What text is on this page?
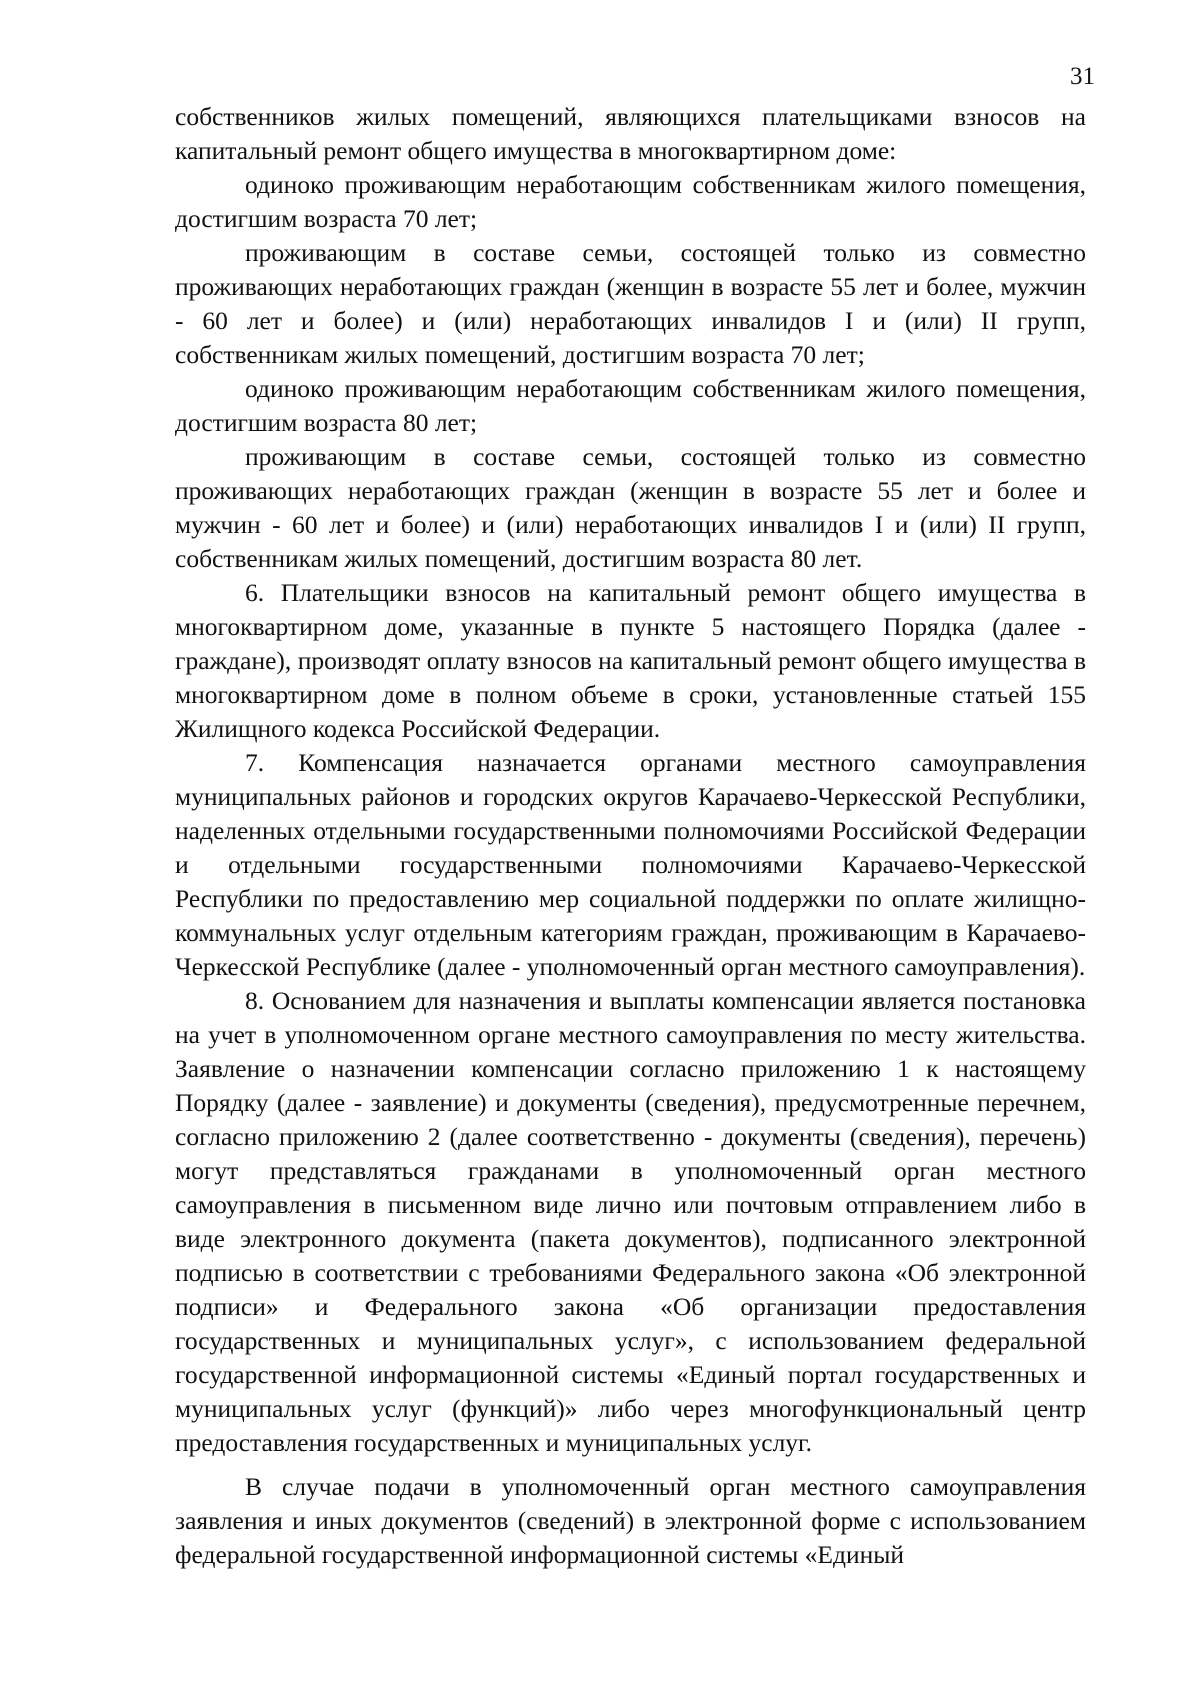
31

собственников жилых помещений, являющихся плательщиками взносов на капитальный ремонт общего имущества в многоквартирном доме:

одиноко проживающим неработающим собственникам жилого помещения, достигшим возраста 70 лет;

проживающим в составе семьи, состоящей только из совместно проживающих неработающих граждан (женщин в возрасте 55 лет и более, мужчин - 60 лет и более) и (или) неработающих инвалидов I и (или) II групп, собственникам жилых помещений, достигшим возраста 70 лет;

одиноко проживающим неработающим собственникам жилого помещения, достигшим возраста 80 лет;

проживающим в составе семьи, состоящей только из совместно проживающих неработающих граждан (женщин в возрасте 55 лет и более и мужчин - 60 лет и более) и (или) неработающих инвалидов I и (или) II групп, собственникам жилых помещений, достигшим возраста 80 лет.

6. Плательщики взносов на капитальный ремонт общего имущества в многоквартирном доме, указанные в пункте 5 настоящего Порядка (далее - граждане), производят оплату взносов на капитальный ремонт общего имущества в многоквартирном доме в полном объеме в сроки, установленные статьей 155 Жилищного кодекса Российской Федерации.

7. Компенсация назначается органами местного самоуправления муниципальных районов и городских округов Карачаево-Черкесской Республики, наделенных отдельными государственными полномочиями Российской Федерации и отдельными государственными полномочиями Карачаево-Черкесской Республики по предоставлению мер социальной поддержки по оплате жилищно-коммунальных услуг отдельным категориям граждан, проживающим в Карачаево-Черкесской Республике (далее - уполномоченный орган местного самоуправления).

8. Основанием для назначения и выплаты компенсации является постановка на учет в уполномоченном органе местного самоуправления по месту жительства. Заявление о назначении компенсации согласно приложению 1 к настоящему Порядку (далее - заявление) и документы (сведения), предусмотренные перечнем, согласно приложению 2 (далее соответственно - документы (сведения), перечень) могут представляться гражданами в уполномоченный орган местного самоуправления в письменном виде лично или почтовым отправлением либо в виде электронного документа (пакета документов), подписанного электронной подписью в соответствии с требованиями Федерального закона «Об электронной подписи» и Федерального закона «Об организации предоставления государственных и муниципальных услуг», с использованием федеральной государственной информационной системы «Единый портал государственных и муниципальных услуг (функций)» либо через многофункциональный центр предоставления государственных и муниципальных услуг.

В случае подачи в уполномоченный орган местного самоуправления заявления и иных документов (сведений) в электронной форме с использованием федеральной государственной информационной системы «Единый
